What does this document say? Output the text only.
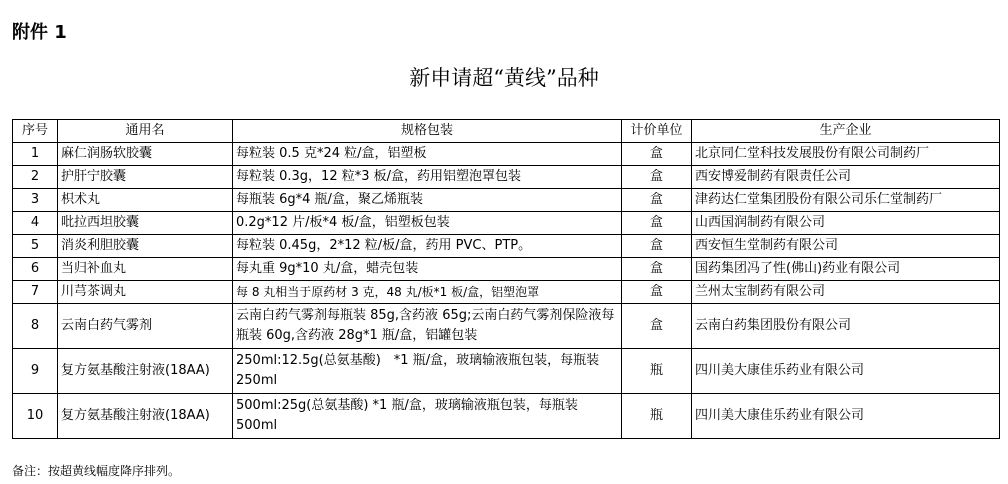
附件 1
新申请超“黄线”品种
序号	通用名	规格包装	计价单位	生产企业
1	麻仁润肠软胶囊	每粒装 0.5 克*24 粒/盒，铝塑板	盒	北京同仁堂科技发展股份有限公司制药厂
2	护肝宁胶囊	每粒装 0.3g，12 粒*3 板/盒，药用铝塑泡罩包装	盒	西安博爱制药有限责任公司
3	枳术丸	每瓶装 6g*4 瓶/盒，聚乙烯瓶装	盒	津药达仁堂集团股份有限公司乐仁堂制药厂
4	吡拉西坦胶囊	0.2g*12 片/板*4 板/盒，铝塑板包装	盒	山西国润制药有限公司
5	消炎利胆胶囊	每粒装 0.45g，2*12 粒/板/盒，药用 PVC、PTP。	盒	西安恒生堂制药有限公司
6	当归补血丸	每丸重 9g*10 丸/盒，蜡壳包装	盒	国药集团冯了性(佛山)药业有限公司
7	川芎茶调丸	每 8 丸相当于原药材 3 克，48 丸/板*1 板/盒，铝塑泡罩	盒	兰州太宝制药有限公司
8	云南白药气雾剂	云南白药气雾剂每瓶装 85g,含药液 65g;云南白药气雾剂保险液每瓶装 60g,含药液 28g*1 瓶/盒，铝罐包装	盒	云南白药集团股份有限公司
9	复方氨基酸注射液(18AA)	250ml:12.5g(总氨基酸)　*1 瓶/盒，玻璃输液瓶包装，每瓶装 250ml	瓶	四川美大康佳乐药业有限公司
10	复方氨基酸注射液(18AA)	500ml:25g(总氨基酸) *1 瓶/盒，玻璃输液瓶包装，每瓶装 500ml	瓶	四川美大康佳乐药业有限公司
备注：按超黄线幅度降序排列。
